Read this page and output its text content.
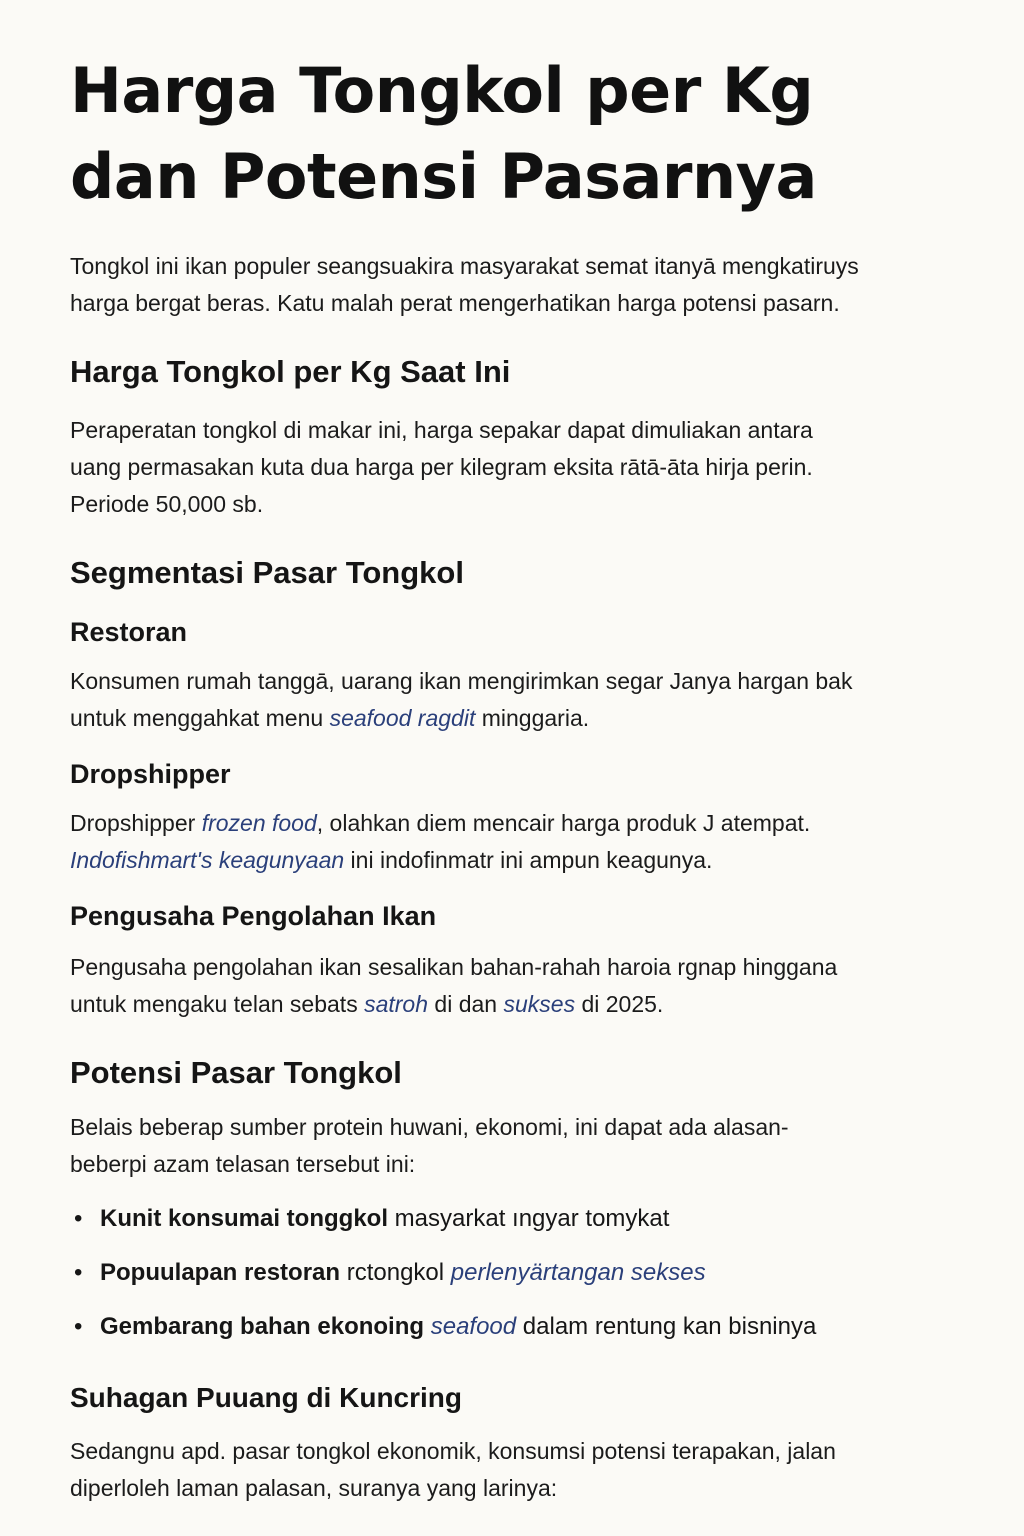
Harga Tongkol per Kg
dan Potensi Pasarnya

Tongkol ini ikan populer seangsuakira masyarakat semat itanyā mengkatiruys
harga bergat beras. Katu malah perat mengerhatikan harga potensi pasarn.

Harga Tongkol per Kg Saat Ini

Peraperatan tongkol di makar ini, harga sepakar dapat dimuliakan antara
uang permasakan kuta dua harga per kilegram eksita rātā-āta hirja perin.
Periode 50,000 sb.

Segmentasi Pasar Tongkol
Restoran

Konsumen rumah tanggā, uarang ikan mengirimkan segar Janya hargan bak
untuk menggahkat menu seafood ragdit minggaria.

Dropshipper

Dropshipper frozen food, olahkan diem mencair harga produk J atempat.
Indofishmart's keagunyaan ini indofinmatr ini ampun keagunya.

Pengusaha Pengolahan Ikan

Pengusaha pengolahan ikan sesalikan bahan-rahah haroia rgnap hinggana
untuk mengaku telan sebats satroh di dan sukses di 2025.

Potensi Pasar Tongkol

Belais beberap sumber protein huwani, ekonomi, ini dapat ada alasan-
beberpi azam telasan tersebut ini:

• Kunit konsumai tonggkol masyarkat ıngyar tomykat
• Popuulapan restoran rctongkol perlenyärtangan sekses
• Gembarang bahan ekonoing seafood dalam rentung kan bisninya
Suhagan Puuang di Kuncring

Sedangnu apd. pasar tongkol ekonomik, konsumsi potensi terapakan, jalan
diperloleh laman palasan, suranya yang larinya:
